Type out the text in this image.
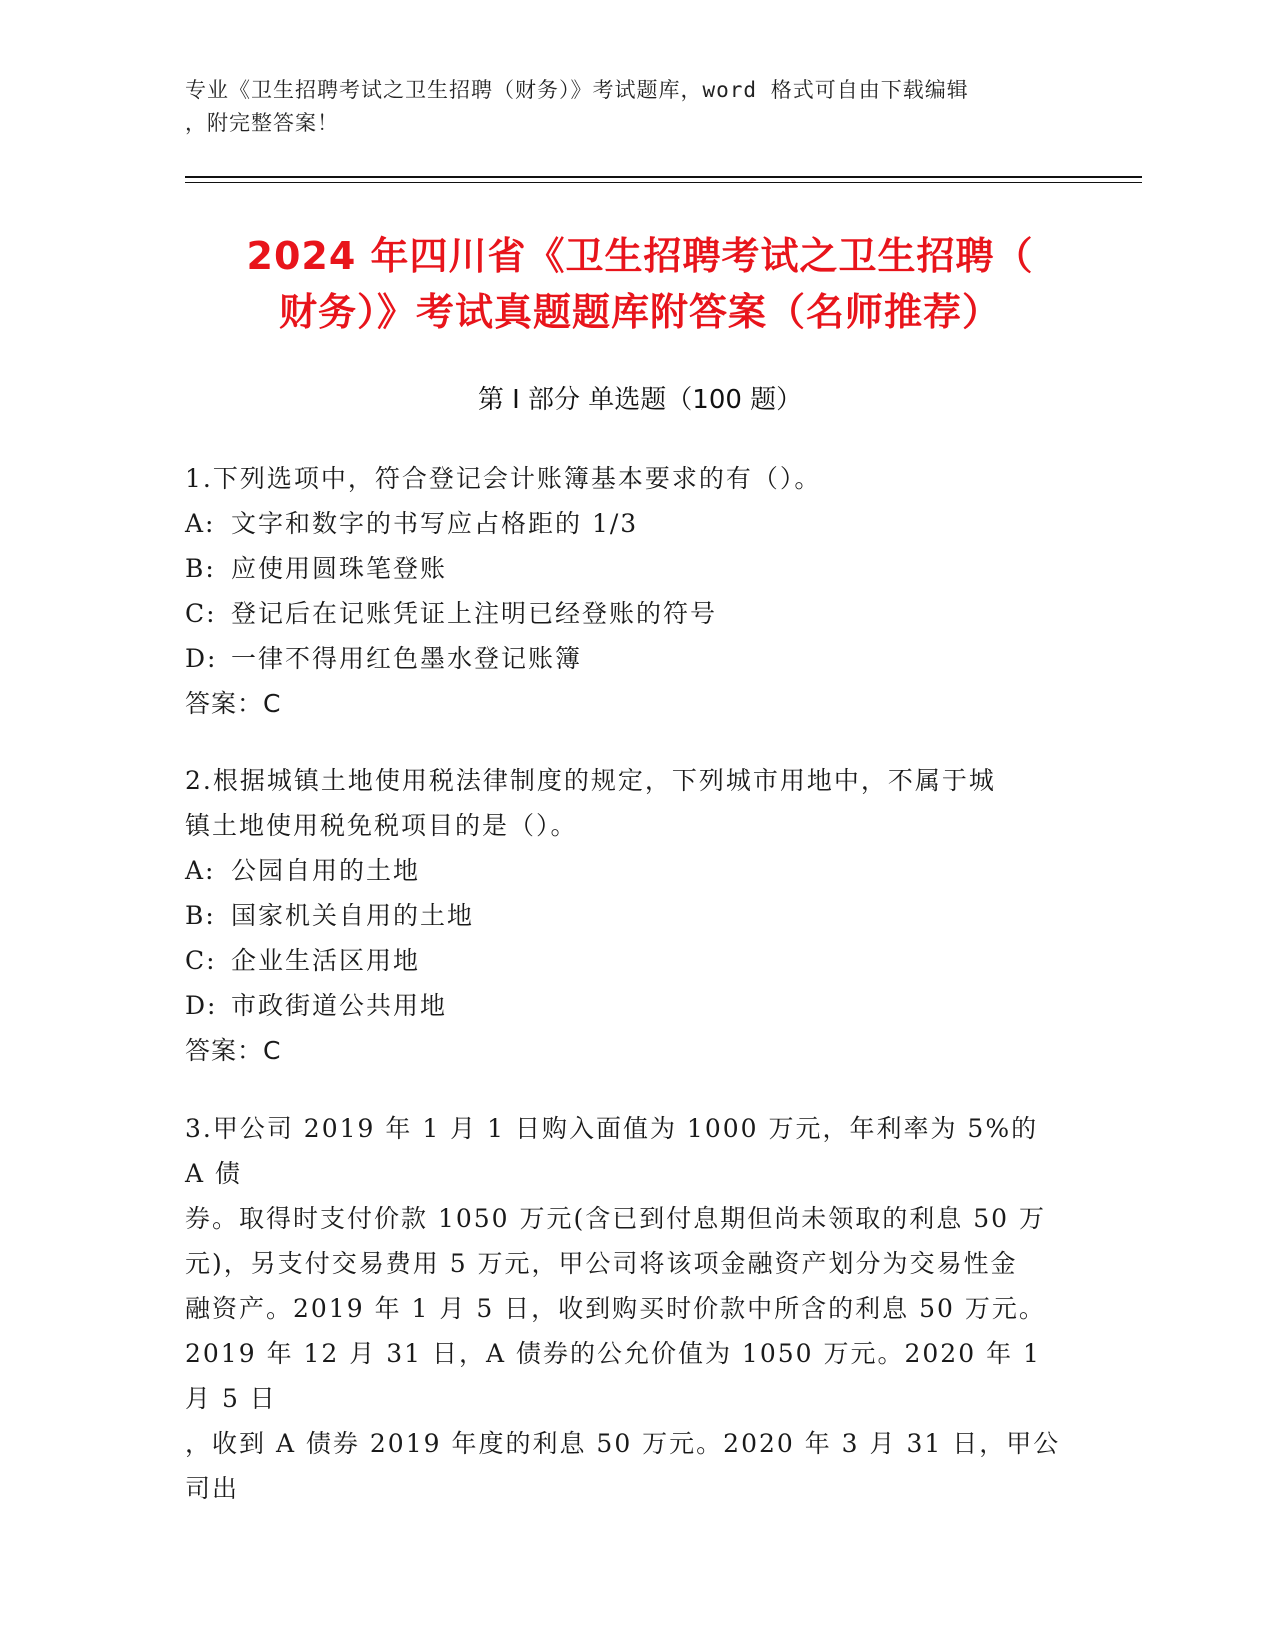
专业《卫生招聘考试之卫生招聘（财务）》考试题库，word 格式可自由下载编辑
，附完整答案！
2024 年四川省《卫生招聘考试之卫生招聘（
财务）》考试真题题库附答案（名师推荐）
第 I 部分 单选题（100 题）
1.下列选项中，符合登记会计账簿基本要求的有（）。
A: 文字和数字的书写应占格距的 1/3
B: 应使用圆珠笔登账
C: 登记后在记账凭证上注明已经登账的符号
D: 一律不得用红色墨水登记账簿
答案：C
2.根据城镇土地使用税法律制度的规定，下列城市用地中，不属于城
镇土地使用税免税项目的是（）。
A: 公园自用的土地
B: 国家机关自用的土地
C: 企业生活区用地
D: 市政街道公共用地
答案：C
3.甲公司 2019 年 1 月 1 日购入面值为 1000 万元，年利率为 5%的 A 债
券。取得时支付价款 1050 万元(含已到付息期但尚未领取的利息 50 万
元)，另支付交易费用 5 万元，甲公司将该项金融资产划分为交易性金
融资产。2019 年 1 月 5 日，收到购买时价款中所含的利息 50 万元。
2019 年 12 月 31 日，A 债券的公允价值为 1050 万元。2020 年 1 月 5 日
，收到 A 债券 2019 年度的利息 50 万元。2020 年 3 月 31 日，甲公司出
